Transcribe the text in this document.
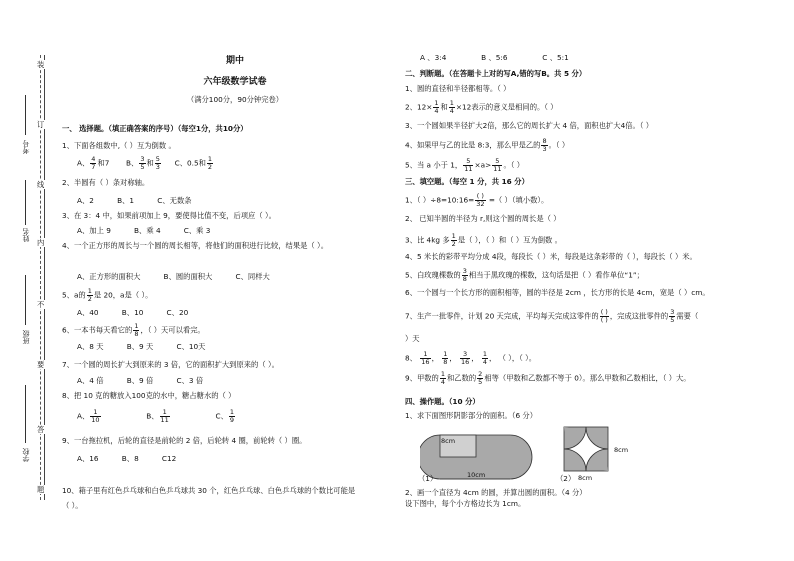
装
订
线
内
不
要
答
题
考号
姓名
班级
学校
期中
六年级数学试卷
（满分100分，90分钟完卷）
一、 选择题。（填正确答案的序号）（每空1分，共10分）
1、下面各组数中,（ ）互为倒数 。
A、 $\frac{4}{7}$ 和7 B、 $\frac{3}{5}$ 和 $\frac{5}{3}$ C、0.5和 $\frac{1}{2}$
2、半圆有（ ）条对称轴。
A、2          B、1          C、无数条
3、在 3：4 中，如果前项加上 9，要使得比值不变，后项应（ ）。
A、加上 9          B、乘 4          C、乘 3
4、一个正方形的周长与一个圆的周长相等，将他们的面积进行比较，结果是（ ）。
A、正方形的面积大          B、圆的面积大          C、同样大
5、a的 $\frac{1}{2}$ 是 20，a是（ ）。
A、40          B、10          C、20
6、一本书每天看它的 $\frac{1}{8}$ ，（ ）天可以看完。
A、8 天          B、9 天          C、10天
7、一个圆的周长扩大到原来的 3 倍，它的面积扩大到原来的（ ）。
A、4 倍          B、9 倍          C、3 倍
8、把 10 克的糖放入100克的水中，糖占糖水的（ ）
A、 $\frac{1}{10}$	B、 $\frac{1}{11}$	C、 $\frac{1}{9}$
9、一台拖拉机，后轮的直径是前轮的 2 倍，后轮转 4 圈，前轮转（ ）圈。
A、16          B、8          C12
10、箱子里有红色乒乓球和白色乒乓球共 30 个，红色乒乓球、白色乒乓球的个数比可能是
（ ）。
A 、3:4               B 、5:6               C 、5:1
二、判断题。（在答题卡上对的写A,错的写B。共 5 分）
1、圆的直径和半径都相等。（ ）
2、$12\times \frac{1}{4}$ 和 $\frac{1}{4} \times 12$表示的意义是相同的。（ ）
3、一个圆如果半径扩大2倍，那么它的周长扩大 4 倍，面积也扩大4倍。（ ）
4、如果甲与乙的比是 8:3，那么甲是乙的 $\frac{8}{3}$ 。（ ）
5、当 a 小于 1， $\frac{5}{11} \times a> \frac{5}{11}$ 。（ ）
三、填空题。（每空 1 分，共 16 分）
1、（ ）÷8=10:16= $\frac{( )}{32}$ =（ ）（填小数）。
2、 已知半圆的半径为 r,则这个圆的周长是（ ）
3、比 4kg 多 $\frac{1}{2}$ 是（ ），（ ）和（ ）互为倒数 。
4、5 米长的彩带平均分成 4段，每段长（ ）米，每段是这条彩带的（ ），每段长（ ）米。
5、白玫瑰棵数的 $\frac{3}{8}$ 相当于黑玫瑰的棵数，这句话是把（ ）看作单位“1”；
6、一个圆与一个长方形的面积相等，圆的半径是 2cm ，长方形的长是 4cm，宽是（ ）cm。
7、生产一批零件，计划 20 天完成，平均每天完成这零件的 $\frac{( )}{( )}$ ，完成这批零件的 $\frac{3}{5}$ 需要（
）天
8、 $\frac{1}{16}$ ， $\frac{1}{8}$ ， $\frac{3}{16}$ ， $\frac{1}{4}$ ， （ ），（ ）。
9、甲数的 $\frac{1}{4}$ 和乙数的 $\frac{2}{5}$ 相等（甲数和乙数都不等于 0）。那么甲数和乙数相比，（ ）大。
四、操作题。（10 分）
1、求下面图形阴影部分的面积。（6 分）
8cm
10cm
（1）
8cm
8cm
（2）
2、画一个直径为 4cm 的圆，并算出圆的面积。（4 分）
设下图中，每个小方格边长为 1cm。
